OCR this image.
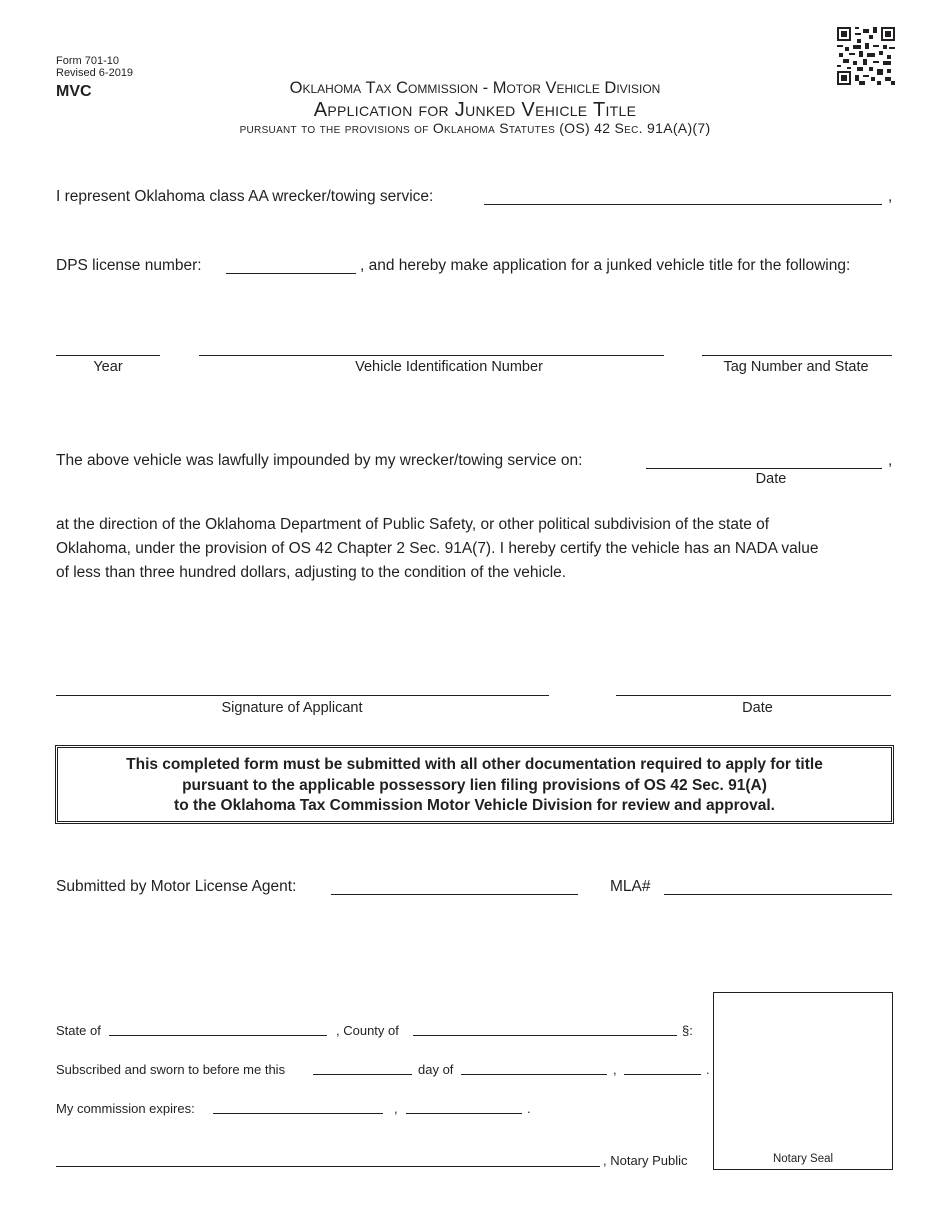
Form 701-10
Revised 6-2019
MVC	Oklahoma Tax Commission - Motor Vehicle Division
Application for Junked Vehicle Title
pursuant to the provisions of Oklahoma Statutes (OS) 42 Sec. 91A(A)(7)
I represent Oklahoma class AA wrecker/towing service:	,
DPS license number:	, and hereby make application for a junked vehicle title for the following:
Year	Vehicle Identification Number	Tag Number and State
The above vehicle was lawfully impounded by my wrecker/towing service on:	,
Date
at the direction of the Oklahoma Department of Public Safety, or other political subdivision of the state of
Oklahoma, under the provision of OS 42 Chapter 2 Sec. 91A(7). I hereby certify the vehicle has an NADA value
of less than three hundred dollars, adjusting to the condition of the vehicle.
Signature of Applicant	Date
This completed form must be submitted with all other documentation required to apply for title
pursuant to the applicable possessory lien filing provisions of OS 42 Sec. 91(A)
to the Oklahoma Tax Commission Motor Vehicle Division for review and approval.
Submitted by Motor License Agent:	MLA#
State of	, County of	§:
Subscribed and sworn to before me this	day of	,	.
My commission expires:	,	.
, Notary Public	Notary Seal
